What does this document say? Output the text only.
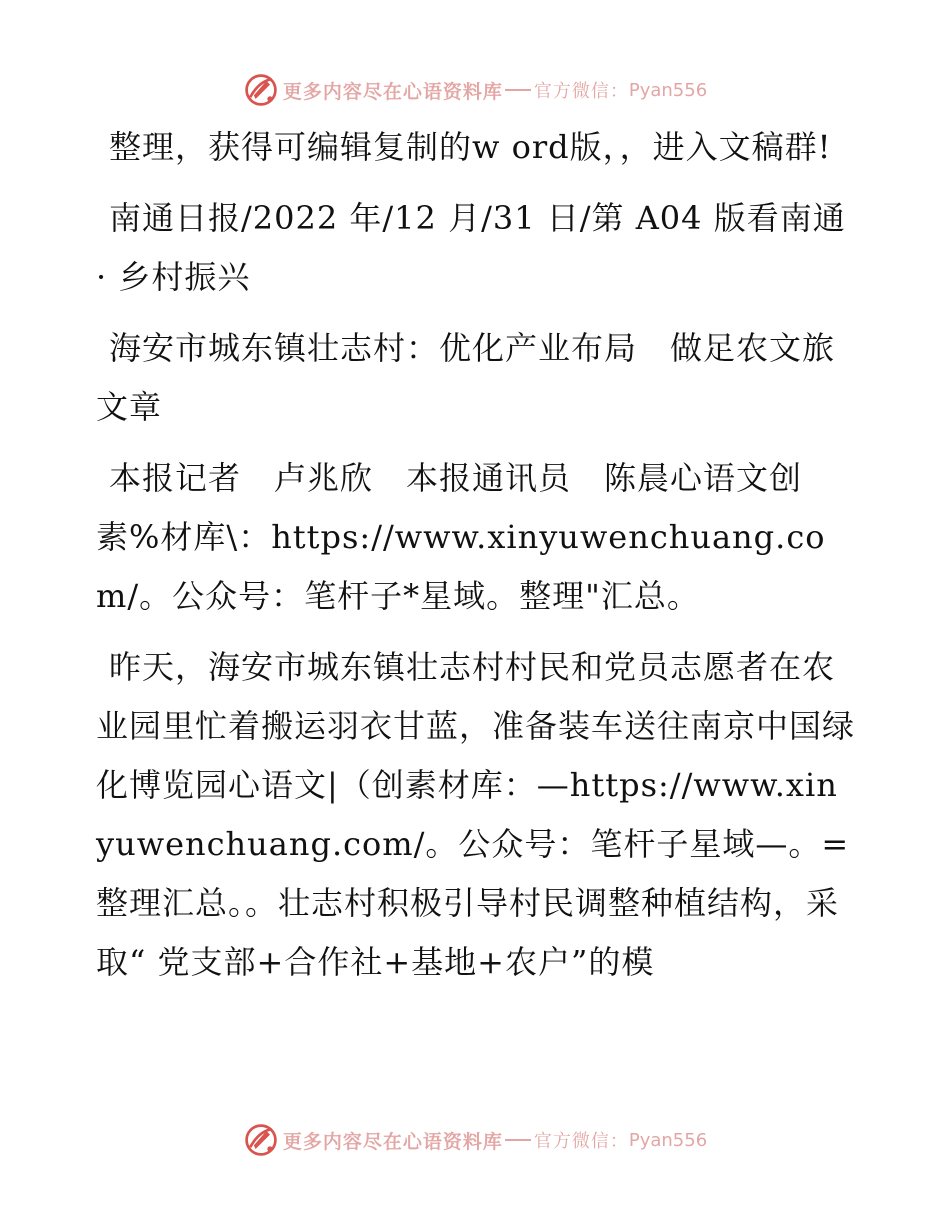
更多内容尽在心语资料库 官方微信： Pyan556

整理，获得可编辑复制的w ord版，，进入文稿群!

南通日报/2022 年/12 月/31 日/第 A04 版看南通· 乡村振兴

海安市城东镇壮志村：优化产业布局　做足农文旅文章

本报记者　卢兆欣　本报通讯员　陈晨心语文创素%材库\：https://www.xinyuwenchuang.com/。公众号：笔杆子*星域。整理"汇总。

昨天，海安市城东镇壮志村村民和党员志愿者在农业园里忙着搬运羽衣甘蓝，准备装车送往南京中国绿化博览园心语文|（创素材库：—https://www.xinyuwenchuang.com/。公众号：笔杆子星域—。=整理汇总。。壮志村积极引导村民调整种植结构，采取“ 党支部+合作社+基地+农户”的模

更多内容尽在心语资料库 官方微信： Pyan556
